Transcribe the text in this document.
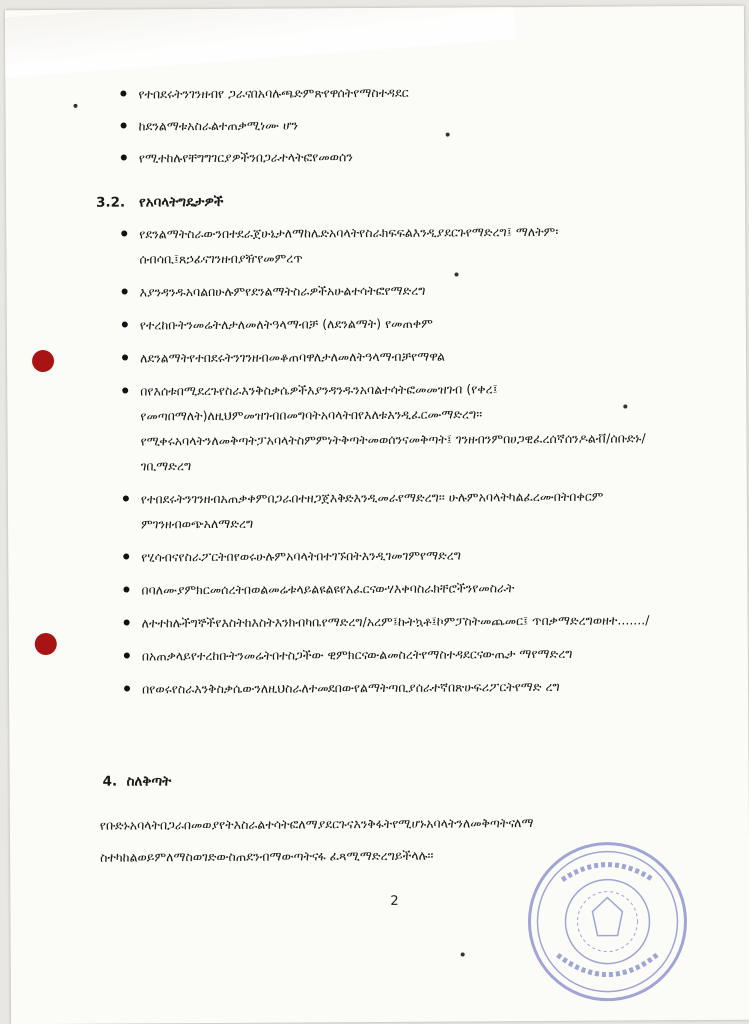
የተበደሩትንገንዘብየ ጋራናበአባሉጫድምጽየዋሰትየማስተዳደር
ከደንልማቱአስራልተጠቃሚነሙ ሆን
የሚተከሉየቸግግገርያዎችንበጋራተላትፎየመወሰን
3.2. የአባላትግዴታዎች
የደንልማትስራውንበተደራጀሁኔታለማከሌድአባላትየስራክፍፍልእንዲያደርጉየማድረግ፤ ማለትም፡ ሰብሳቢ፤ጸኃፊናገንዘብያዥየመምረጥ
እያንዳንዱአባልበሁሉምየደንልማትስራዎችአሁልተሳትፎየማድረግ
የተረከቡትንመሬትለታለመለትዓላማብቻ (ለደንልማት) የመጠቀም
ለደንልማትየተበደሩትንገንዘብመቆጠባዋለታለመለትዓላማብቻየማዋል
በየእሰቱበሚደረጉየስራእንቅስቃሴዎችእያንዳንዱንአባልተሳትፎመመዝገብ (የቀረ፤ የመጣበማለት)ለዚህምመዝገብበመግባትአባላትበየእለቱእንዲፈርሙማድረግ፡፡ የሚቀሩአባላትንለመቅጣትፓአባላትስምምነትቅጣትመወሰንናመቅጣት፤ ገንዘብንምበሀጋዊፈረሰኛሰንዶልቭ/ሰቡድኑ/ ገቢማድረግ
የተበደሩትንገንዘብአጠቃቀምበጋራበተዘጋጀእቅድእንዲመራየማድረግ፡፡ ሁሉምአባላትካልፈረሙበትበቀርም ምገንዘብወጭአለማድረግ
የሂሳብናየስራፖርትበየወሩሁሉምአባላትበተገኙበትእንዲገመገምየማድረግ
በባለሙያምክርመሰረትበወልመሬቱላይልዩልዩየአፈርናውሃእቀባስራክቸሮችንየመስራት
ለተተከሉችግኞችየእስትከእስትእንክብካቤየማድረግ/አረም፤ኩትኳቶ፤ኮምፓስትመጨመር፤ ጥበቃማድረግወዘተ......./
በአጠቃላይየተረከቡትንመሬትበተስጋችው ዊምክርናውልመስረትየማስተዳደርናውጤታ ማየማድረግ
በየወሩየስራእንቅስቃሴውንለዚህስራለተመደበውየልማትጣቢያሰራተኛበጽሁፍሪፖርትየማድ ረግ
4. ስለቅጣት
የቡድኑአባላትበጋራበመወያየትእስራልተሳትፎለማያደርጉናእንቅፋትየሚሆኑአባላትንለመቅጣትናለማ ስተካከልወይምለማስወገድውስጠደንብማውጣትናፋ ፈጻሚማድረግይችላሉ፡፡
2
